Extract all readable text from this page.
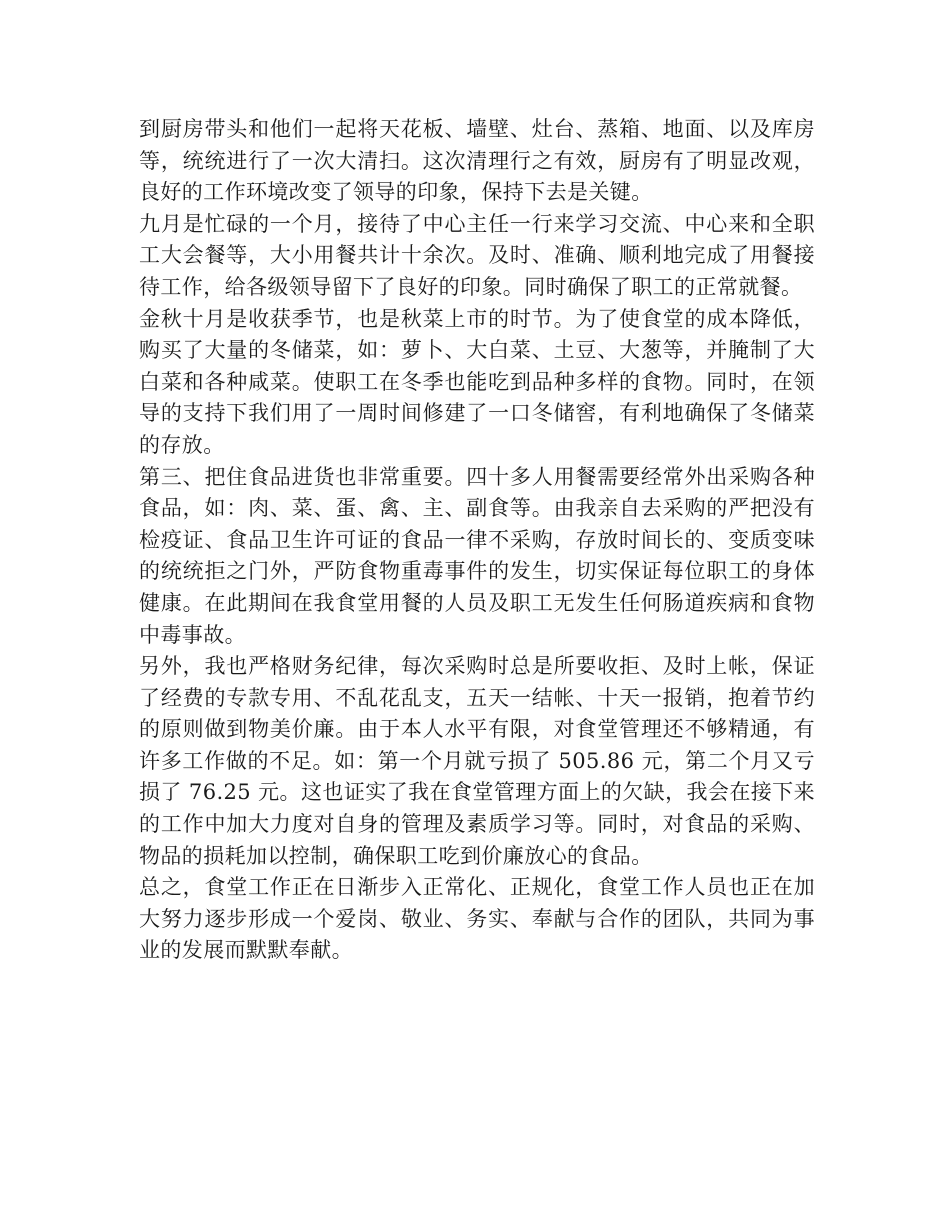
到厨房带头和他们一起将天花板、墙壁、灶台、蒸箱、地面、以及库房等，统统进行了一次大清扫。这次清理行之有效，厨房有了明显改观，良好的工作环境改变了领导的印象，保持下去是关键。

九月是忙碌的一个月，接待了中心主任一行来学习交流、中心来和全职工大会餐等，大小用餐共计十余次。及时、准确、顺利地完成了用餐接待工作，给各级领导留下了良好的印象。同时确保了职工的正常就餐。

金秋十月是收获季节，也是秋菜上市的时节。为了使食堂的成本降低，购买了大量的冬储菜，如：萝卜、大白菜、土豆、大葱等，并腌制了大白菜和各种咸菜。使职工在冬季也能吃到品种多样的食物。同时，在领导的支持下我们用了一周时间修建了一口冬储窖，有利地确保了冬储菜的存放。

第三、把住食品进货也非常重要。四十多人用餐需要经常外出采购各种食品，如：肉、菜、蛋、禽、主、副食等。由我亲自去采购的严把没有检疫证、食品卫生许可证的食品一律不采购，存放时间长的、变质变味的统统拒之门外，严防食物重毒事件的发生，切实保证每位职工的身体健康。在此期间在我食堂用餐的人员及职工无发生任何肠道疾病和食物中毒事故。

另外，我也严格财务纪律，每次采购时总是所要收拒、及时上帐，保证了经费的专款专用、不乱花乱支，五天一结帐、十天一报销，抱着节约的原则做到物美价廉。由于本人水平有限，对食堂管理还不够精通，有许多工作做的不足。如：第一个月就亏损了 505.86 元，第二个月又亏损了 76.25 元。这也证实了我在食堂管理方面上的欠缺，我会在接下来的工作中加大力度对自身的管理及素质学习等。同时，对食品的采购、物品的损耗加以控制，确保职工吃到价廉放心的食品。

总之，食堂工作正在日渐步入正常化、正规化，食堂工作人员也正在加大努力逐步形成一个爱岗、敬业、务实、奉献与合作的团队，共同为事业的发展而默默奉献。
